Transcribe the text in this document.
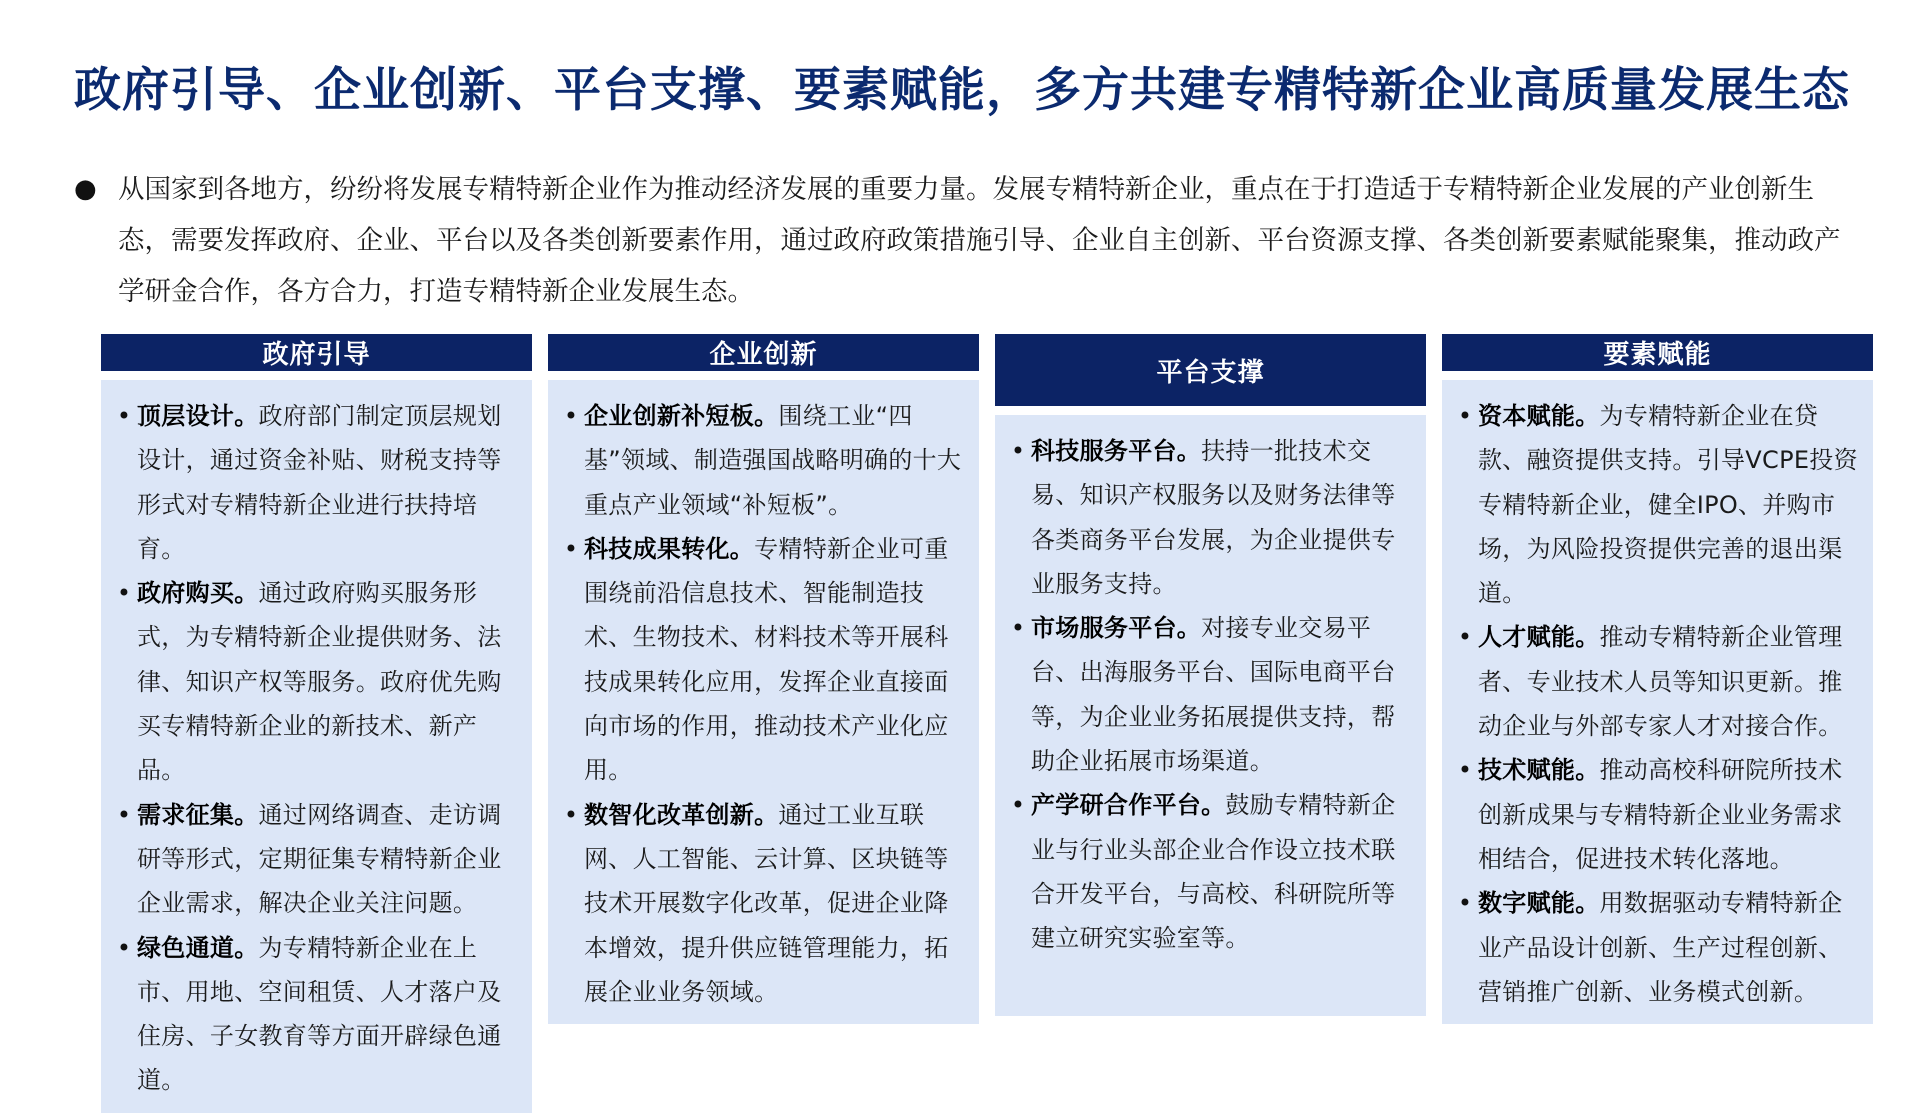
政府引导、企业创新、平台支撑、要素赋能，多方共建专精特新企业高质量发展生态
● 从国家到各地方，纷纷将发展专精特新企业作为推动经济发展的重要力量。发展专精特新企业，重点在于打造适于专精特新企业发展的产业创新生态，需要发挥政府、企业、平台以及各类创新要素作用，通过政府政策措施引导、企业自主创新、平台资源支撑、各类创新要素赋能聚集，推动政产学研金合作，各方合力，打造专精特新企业发展生态。
政府引导
• 顶层设计。政府部门制定顶层规划设计，通过资金补贴、财税支持等形式对专精特新企业进行扶持培育。
• 政府购买。通过政府购买服务形式，为专精特新企业提供财务、法律、知识产权等服务。政府优先购买专精特新企业的新技术、新产品。
• 需求征集。通过网络调查、走访调研等形式，定期征集专精特新企业企业需求，解决企业关注问题。
• 绿色通道。为专精特新企业在上市、用地、空间租赁、人才落户及住房、子女教育等方面开辟绿色通道。
企业创新
• 企业创新补短板。围绕工业“四基”领域、制造强国战略明确的十大重点产业领域“补短板”。
• 科技成果转化。专精特新企业可重围绕前沿信息技术、智能制造技术、生物技术、材料技术等开展科技成果转化应用，发挥企业直接面向市场的作用，推动技术产业化应用。
• 数智化改革创新。通过工业互联网、人工智能、云计算、区块链等技术开展数字化改革，促进企业降本增效，提升供应链管理能力，拓展企业业务领域。
平台支撑
• 科技服务平台。扶持一批技术交易、知识产权服务以及财务法律等各类商务平台发展，为企业提供专业服务支持。
• 市场服务平台。对接专业交易平台、出海服务平台、国际电商平台等，为企业业务拓展提供支持，帮助企业拓展市场渠道。
• 产学研合作平台。鼓励专精特新企业与行业头部企业合作设立技术联合开发平台，与高校、科研院所等建立研究实验室等。
要素赋能
• 资本赋能。为专精特新企业在贷款、融资提供支持。引导VCPE投资专精特新企业，健全IPO、并购市场，为风险投资提供完善的退出渠道。
• 人才赋能。推动专精特新企业管理者、专业技术人员等知识更新。推动企业与外部专家人才对接合作。
• 技术赋能。推动高校科研院所技术创新成果与专精特新企业业务需求相结合，促进技术转化落地。
• 数字赋能。用数据驱动专精特新企业产品设计创新、生产过程创新、营销推广创新、业务模式创新。
